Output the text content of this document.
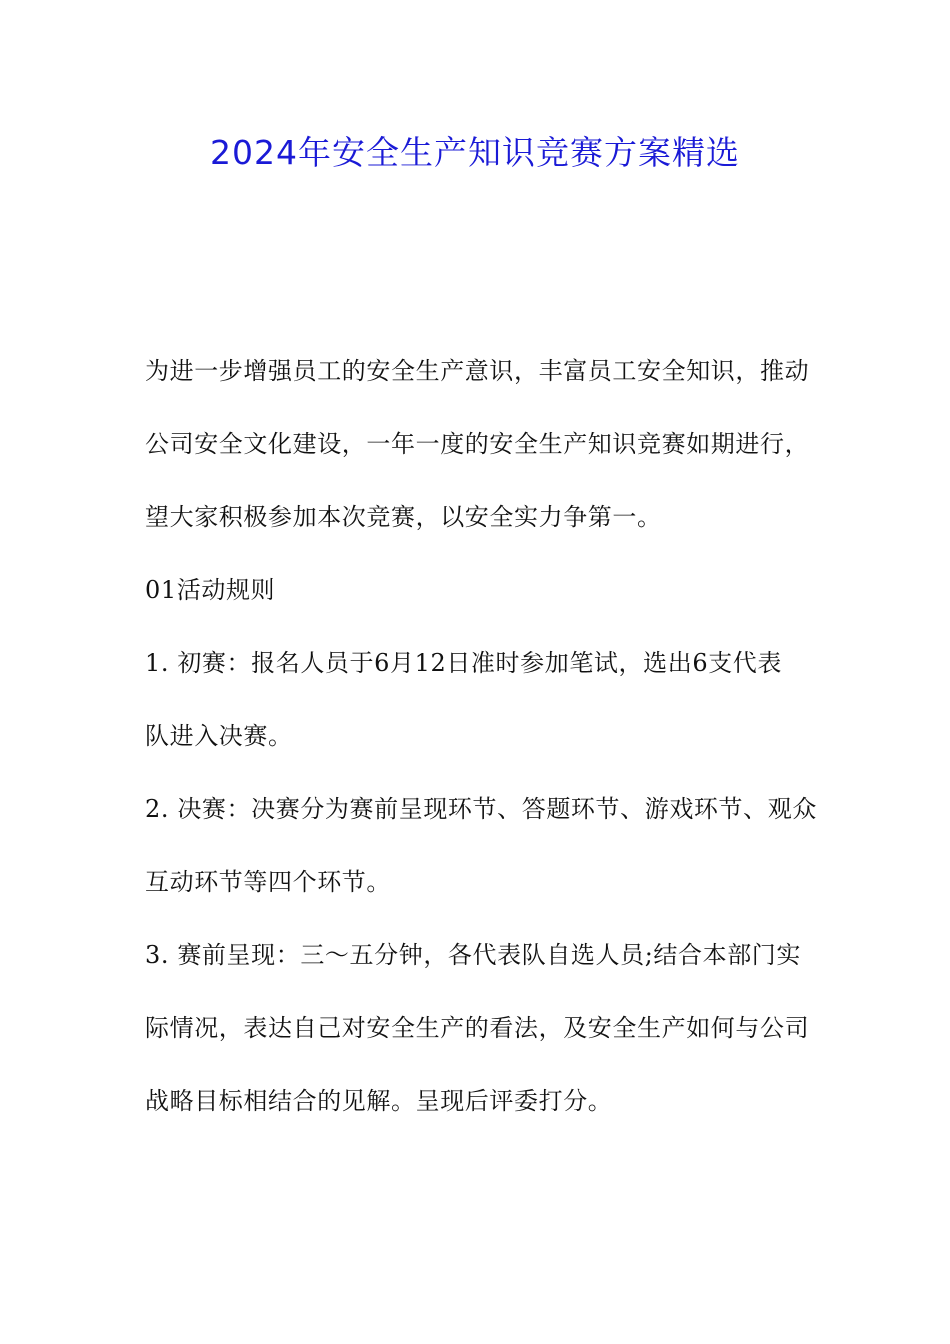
2024年安全生产知识竞赛方案精选

为进一步增强员工的安全生产意识，丰富员工安全知识，推动
公司安全文化建设，一年一度的安全生产知识竞赛如期进行，
望大家积极参加本次竞赛，以安全实力争第一。

01活动规则

1. 初赛：报名人员于6月12日准时参加笔试，选出6支代表
队进入决赛。

2. 决赛：决赛分为赛前呈现环节、答题环节、游戏环节、观众
互动环节等四个环节。

3. 赛前呈现：三～五分钟，各代表队自选人员;结合本部门实
际情况，表达自己对安全生产的看法，及安全生产如何与公司
战略目标相结合的见解。呈现后评委打分。
